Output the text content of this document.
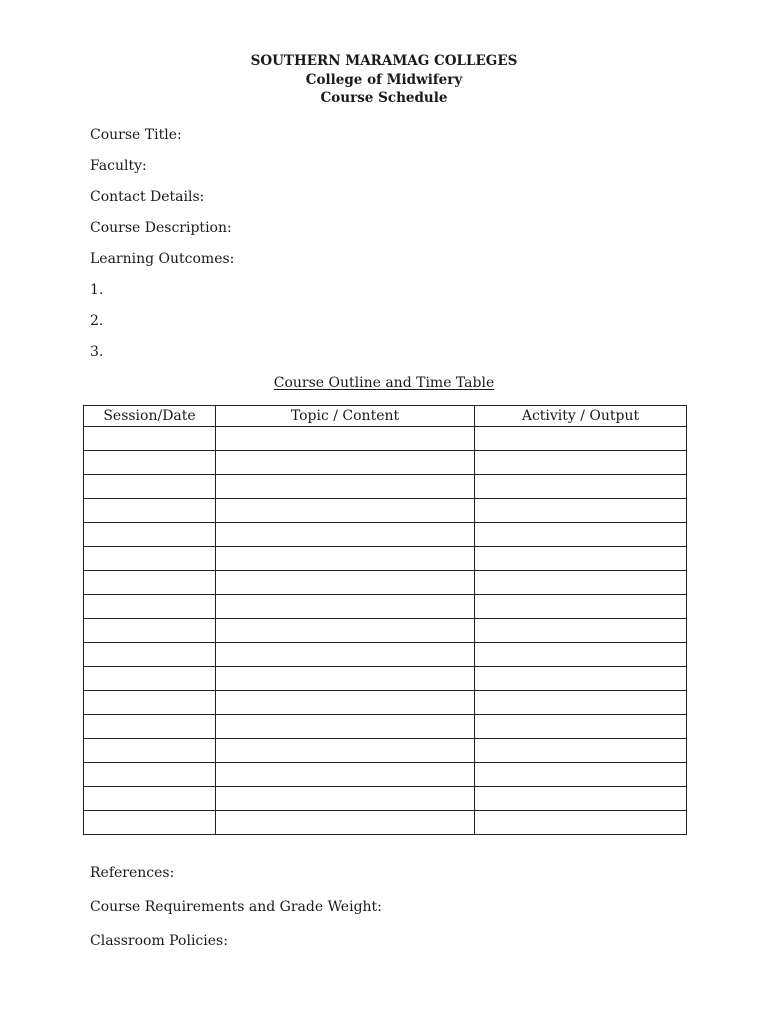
SOUTHERN MARAMAG COLLEGES
College of Midwifery
Course Schedule
Course Title:
Faculty:
Contact Details:
Course Description:
Learning Outcomes:
1.
2.
3.
Course Outline and Time Table
Session/Date	Topic / Content	Activity / Output

References:
Course Requirements and Grade Weight:
Classroom Policies:
